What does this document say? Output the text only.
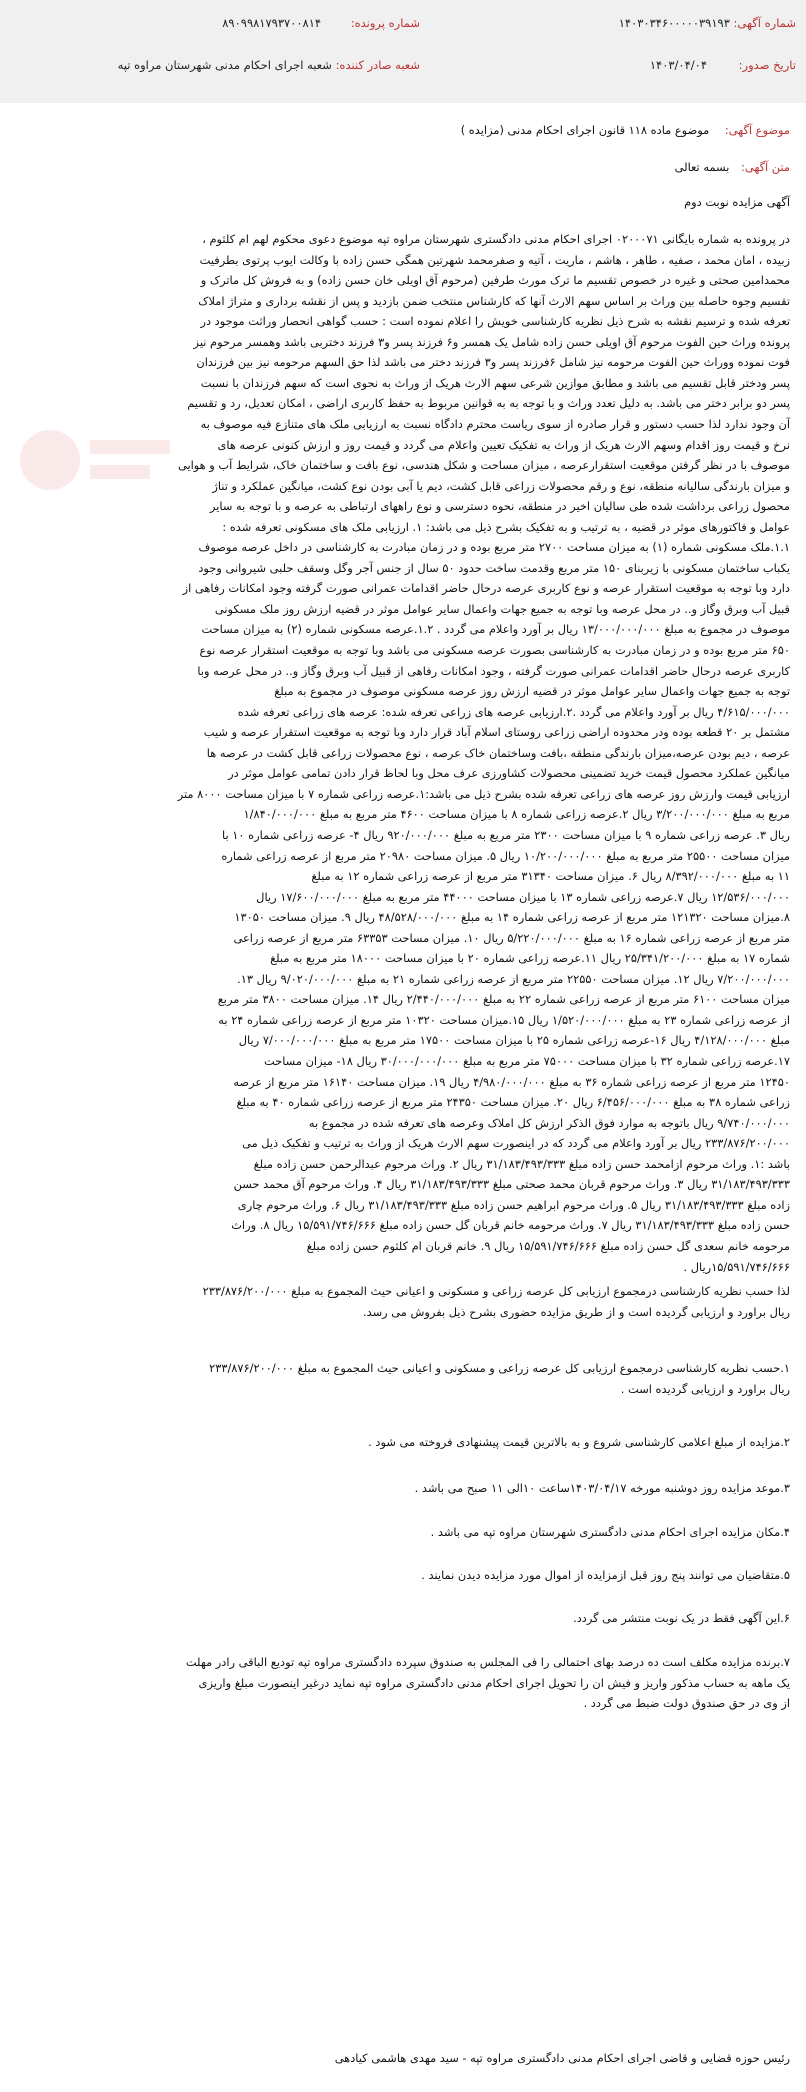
شماره آگهی: ۱۴۰۳۰۳۴۶۰۰۰۰۰۳۹۱۹۳
شماره پرونده: ۸۹۰۹۹۸۱۷۹۳۷۰۰۸۱۴
تاریخ صدور: ۱۴۰۳/۰۴/۰۴
شعبه صادر کننده: شعبه اجرای احکام مدنی شهرستان مراوه تپه
موضوع آگهی: موضوع ماده ۱۱۸ قانون اجرای احکام مدنی (مزایده )
متن آگهی: بسمه تعالی
آگهی مزایده نوبت دوم
در پرونده به شماره بایگانی ۰۲۰۰۰۷۱ اجرای احکام مدنی دادگستری شهرستان مراوه تپه موضوع دعوی محکوم لهم ام کلثوم ،
زبیده ، امان محمد ، صفیه ، طاهر ، هاشم ، ماریت ، آتیه و صفرمحمد شهرتین همگی حسن زاده با وکالت ایوب پرتوی بطرفیت
محمدامین صحتی و غیره در خصوص تقسیم ما ترک مورث طرفین (مرحوم آق اویلی خان حسن زاده) و به فروش کل ماترک و
تقسیم وجوه حاصله بین وراث بر اساس سهم الارث آنها که کارشناس منتخب ضمن بازدید و پس از نقشه برداری و متراژ املاک
تعرفه شده و ترسیم نقشه به شرح ذیل نظریه کارشناسی خویش را اعلام نموده است : حسب گواهی انحصار وراثت موجود در
پرونده وراث حین الفوت مرحوم آق اویلی حسن زاده شامل یک همسر و۶ فرزند پسر و۳ فرزند دختربی باشد وهمسر مرحوم نیز
فوت نموده ووراث حین الفوت مرحومه نیز شامل ۶فرزند پسر و۳ فرزند دختر می باشد لذا حق السهم مرحومه نیز بین فرزندان
پسر ودختر قابل تقسیم می باشد و مطابق موازین شرعی سهم الارث هریک از وراث به نحوی است که سهم فرزندان با نسبت
پسر دو برابر دختر می باشد. به دلیل تعدد وراث و با توجه به به قوانین مربوط به حفظ کاربری اراضی ، امکان تعدیل، رد و تقسیم
آن وجود ندارد لذا حسب دستور و قرار صادره از سوی ریاست محترم دادگاه نسبت به ارزیابی ملک های متنازع فیه موصوف به
نرخ و قیمت روز اقدام وسهم الارث هریک از وراث به تفکیک تعیین واعلام می گردد و قیمت روز و ارزش کنونی عرصه های
موصوف با در نظر گرفتن موقعیت استقرارعرصه ، میزان مساحت و شکل هندسی، نوع بافت و ساختمان خاک، شرایط آب و هوایی
و میزان بارندگی سالیانه منطقه، نوع و رقم محصولات زراعی قابل کشت، دیم یا آبی بودن نوع کشت، میانگین عملکرد و تناژ
محصول زراعی برداشت شده طی سالیان اخیر در منطقه، نحوه دسترسی و نوع راههای ارتباطی به عرصه و با توجه به سایر
عوامل و فاکتورهای موثر در قضیه ، به ترتیب و به تفکیک بشرح ذیل می باشد: ۱. ارزیابی ملک های مسکونی تعرفه شده :
۱.۱.ملک مسکونی شماره (۱) به میزان مساحت ۲۷۰۰ متر مربع بوده و در زمان مبادرت به کارشناسی در داخل عرصه موصوف
یکباب ساختمان مسکونی با زیربنای ۱۵۰ متر مربع وقدمت ساخت حدود ۵۰ سال از جنس آجر وگل وسقف حلبی شیروانی وجود
دارد وبا توجه به موقعیت استقرار عرصه و نوع کاربری عرصه درحال حاضر اقدامات عمرانی صورت گرفته وجود امکانات رفاهی از
قبیل آب وبرق وگاز و.. در محل عرصه وبا توجه به جمیع جهات واعمال سایر عوامل موثر در قضیه ارزش روز ملک مسکونی
موصوف در مجموع به مبلغ ۱۳/۰۰۰/۰۰۰/۰۰۰ ریال بر آورد واعلام می گردد . ۱.۲.عرصه مسکونی شماره (۲) به میزان مساحت
۶۵۰ متر مربع بوده و در زمان مبادرت به کارشناسی بصورت عرصه مسکونی می باشد وبا توجه به موقعیت استقرار عرصه نوع
کاربری عرصه درحال حاضر اقدامات عمرانی صورت گرفته ، وجود امکانات رفاهی از قبیل آب وبرق وگاز و.. در محل عرصه وبا
توجه به جمیع جهات واعمال سایر عوامل موثر در قضیه ارزش روز عرصه مسکونی موصوف در مجموع به مبلغ
۴/۶۱۵/۰۰۰/۰۰۰ ریال بر آورد واعلام می گردد .۲.ارزیابی عرصه های زراعی تعرفه شده: عرصه های زراعی تعرفه شده
مشتمل بر ۲۰ قطعه بوده ودر محدوده اراضی زراعی روستای اسلام آباد قرار دارد وبا توجه به موقعیت استقرار عرصه و شیب
عرصه ، دیم بودن عرصه،میزان بارندگی منطقه ،بافت وساختمان خاک عرصه ، نوع محصولات زراعی قابل کشت در عرصه ها
میانگین عملکرد محصول قیمت خرید تضمینی محصولات کشاورزی عرف محل وبا لحاظ قرار دادن تمامی عوامل موثر در
ارزیابی قیمت وارزش روز عرصه های زراعی تعرفه شده بشرح ذیل می باشد:۱.عرصه زراعی شماره ۷ با میزان مساحت ۸۰۰۰ متر
مربع به مبلغ ۳/۲۰۰/۰۰۰/۰۰۰ ریال ۲.عرصه زراعی شماره ۸ با میزان مساحت ۴۶۰۰ متر مربع به مبلغ ۱/۸۴۰/۰۰۰/۰۰۰
ریال ۳. عرصه زراعی شماره ۹ با میزان مساحت ۲۳۰۰ متر مربع به مبلغ ۹۲۰/۰۰۰/۰۰۰ ریال ۴- عرصه زراعی شماره ۱۰ با
میزان مساحت ۲۵۵۰۰ متر مربع به مبلغ ۱۰/۲۰۰/۰۰۰/۰۰۰ ریال ۵. میزان مساحت ۲۰۹۸۰ متر مربع از عرصه زراعی شماره
۱۱ به مبلغ ۸/۳۹۲/۰۰۰/۰۰۰ ریال ۶. میزان مساحت ۳۱۳۴۰ متر مربع از عرصه زراعی شماره ۱۲ به مبلغ
۱۲/۵۳۶/۰۰۰/۰۰۰ ریال ۷.عرصه زراعی شماره ۱۳ با میزان مساحت ۴۴۰۰۰ متر مربع به مبلغ ۱۷/۶۰۰/۰۰۰/۰۰۰ ریال
۸.میزان مساحت ۱۲۱۳۲۰ متر مربع از عرصه زراعی شماره ۱۴ به مبلغ ۴۸/۵۲۸/۰۰۰/۰۰۰ ریال ۹. میزان مساحت ۱۳۰۵۰
متر مربع از عرصه زراعی شماره ۱۶ به مبلغ ۵/۲۲۰/۰۰۰/۰۰۰ ریال ۱۰. میزان مساحت ۶۳۳۵۳ متر مربع از عرصه زراعی
شماره ۱۷ به مبلغ ۲۵/۳۴۱/۲۰۰/۰۰۰ ریال ۱۱.عرصه زراعی شماره ۲۰ با میزان مساحت ۱۸۰۰۰ متر مربع به مبلغ
۷/۲۰۰/۰۰۰/۰۰۰ ریال ۱۲. میزان مساحت ۲۲۵۵۰ متر مربع از عرصه زراعی شماره ۲۱ به مبلغ ۹/۰۲۰/۰۰۰/۰۰۰ ریال ۱۳.
میزان مساحت ۶۱۰۰ متر مربع از عرصه زراعی شماره ۲۲ به مبلغ ۲/۴۴۰/۰۰۰/۰۰۰ ریال ۱۴. میزان مساحت ۳۸۰۰ متر مربع
از عرصه زراعی شماره ۲۳ به مبلغ ۱/۵۲۰/۰۰۰/۰۰۰ ریال ۱۵.میزان مساحت ۱۰۳۲۰ متر مربع از عرصه زراعی شماره ۲۴ به
مبلغ ۴/۱۲۸/۰۰۰/۰۰۰ ریال ۱۶-عرصه زراعی شماره ۲۵ با میزان مساحت ۱۷۵۰۰ متر مربع به مبلغ ۷/۰۰۰/۰۰۰/۰۰۰ ریال
۱۷.عرصه زراعی شماره ۳۲ با میزان مساحت ۷۵۰۰۰ متر مربع به مبلغ ۳۰/۰۰۰/۰۰۰/۰۰۰ ریال ۱۸- میزان مساحت
۱۲۴۵۰ متر مربع از عرصه زراعی شماره ۳۶ به مبلغ ۴/۹۸۰/۰۰۰/۰۰۰ ریال ۱۹. میزان مساحت ۱۶۱۴۰ متر مربع از عرصه
زراعی شماره ۳۸ به مبلغ ۶/۴۵۶/۰۰۰/۰۰۰ ریال ۲۰. میزان مساحت ۲۴۳۵۰ متر مربع از عرصه زراعی شماره ۴۰ به مبلغ
۹/۷۴۰/۰۰۰/۰۰۰ ریال باتوجه به موارد فوق الذکر ارزش کل املاک وعرصه های تعرفه شده در مجموع به
۲۳۳/۸۷۶/۲۰۰/۰۰۰ ریال بر آورد واعلام می گردد که در اینصورت سهم الارث هریک از وراث به ترتیب و تفکیک ذیل می
باشد :۱. وراث مرحوم ازامحمد حسن زاده مبلغ ۳۱/۱۸۳/۴۹۳/۳۳۳ ریال ۲. وراث مرحوم عبدالرحمن حسن زاده مبلغ
۳۱/۱۸۳/۴۹۳/۳۳۳ ریال ۳. وراث مرحوم قربان محمد صحتی مبلغ ۳۱/۱۸۳/۴۹۳/۳۳۳ ریال ۴. وراث مرحوم آق محمد حسن
زاده مبلغ ۳۱/۱۸۳/۴۹۳/۳۳۳ ریال ۵. وراث مرحوم ابراهیم حسن زاده مبلغ ۳۱/۱۸۳/۴۹۳/۳۳۳ ریال ۶. وراث مرحوم چاری
حسن زاده مبلغ ۳۱/۱۸۳/۴۹۳/۳۳۳ ریال ۷. وراث مرحومه خانم قربان گل حسن زاده مبلغ ۱۵/۵۹۱/۷۴۶/۶۶۶ ریال ۸. وراث
مرحومه خانم سعدی گل حسن زاده مبلغ ۱۵/۵۹۱/۷۴۶/۶۶۶ ریال ۹. خانم قربان ام کلثوم حسن زاده مبلغ
۱۵/۵۹۱/۷۴۶/۶۶۶ریال .
لذا حسب نظریه کارشناسی درمجموع ارزیابی کل عرصه زراعی و مسکونی و اعیانی حیث المجموع به مبلغ ۲۳۳/۸۷۶/۲۰۰/۰۰۰
ریال براورد و ارزیابی گردیده است و از طریق مزایده حضوری بشرح ذیل بفروش می رسد.
۱.حسب نظریه کارشناسی درمجموع ارزیابی کل عرصه زراعی و مسکونی و اعیانی حیث المجموع به مبلغ ۲۳۳/۸۷۶/۲۰۰/۰۰۰
ریال براورد و ارزیابی گردیده است .
۲.مزایده از مبلغ اعلامی کارشناسی شروع و به بالاترین قیمت پیشنهادی فروخته می شود .
۳.موعد مزایده روز دوشنبه مورخه ۱۴۰۳/۰۴/۱۷ساعت ۱۰الی ۱۱ صبح می باشد .
۴.مکان مزایده اجرای احکام مدنی دادگستری شهرستان مراوه تپه می باشد .
۵.متقاضیان می توانند پنج روز قبل ازمزایده از اموال مورد مزایده دیدن نمایند .
۶.این آگهی فقط در یک نوبت منتشر می گردد.
۷.برنده مزایده مکلف است ده درصد بهای احتمالی را فی المجلس به صندوق سپرده دادگستری مراوه تپه تودیع الباقی رادر مهلت
یک ماهه به حساب مذکور واریز و فیش ان را تحویل اجرای احکام مدنی دادگستری مراوه تپه نماید درغیر اینصورت مبلغ واریزی
از وی در حق صندوق دولت ضبط می گردد .
رئیس حوزه قضایی و قاضی اجرای احکام مدنی دادگستری مراوه تپه - سید مهدی هاشمی کیادهی
